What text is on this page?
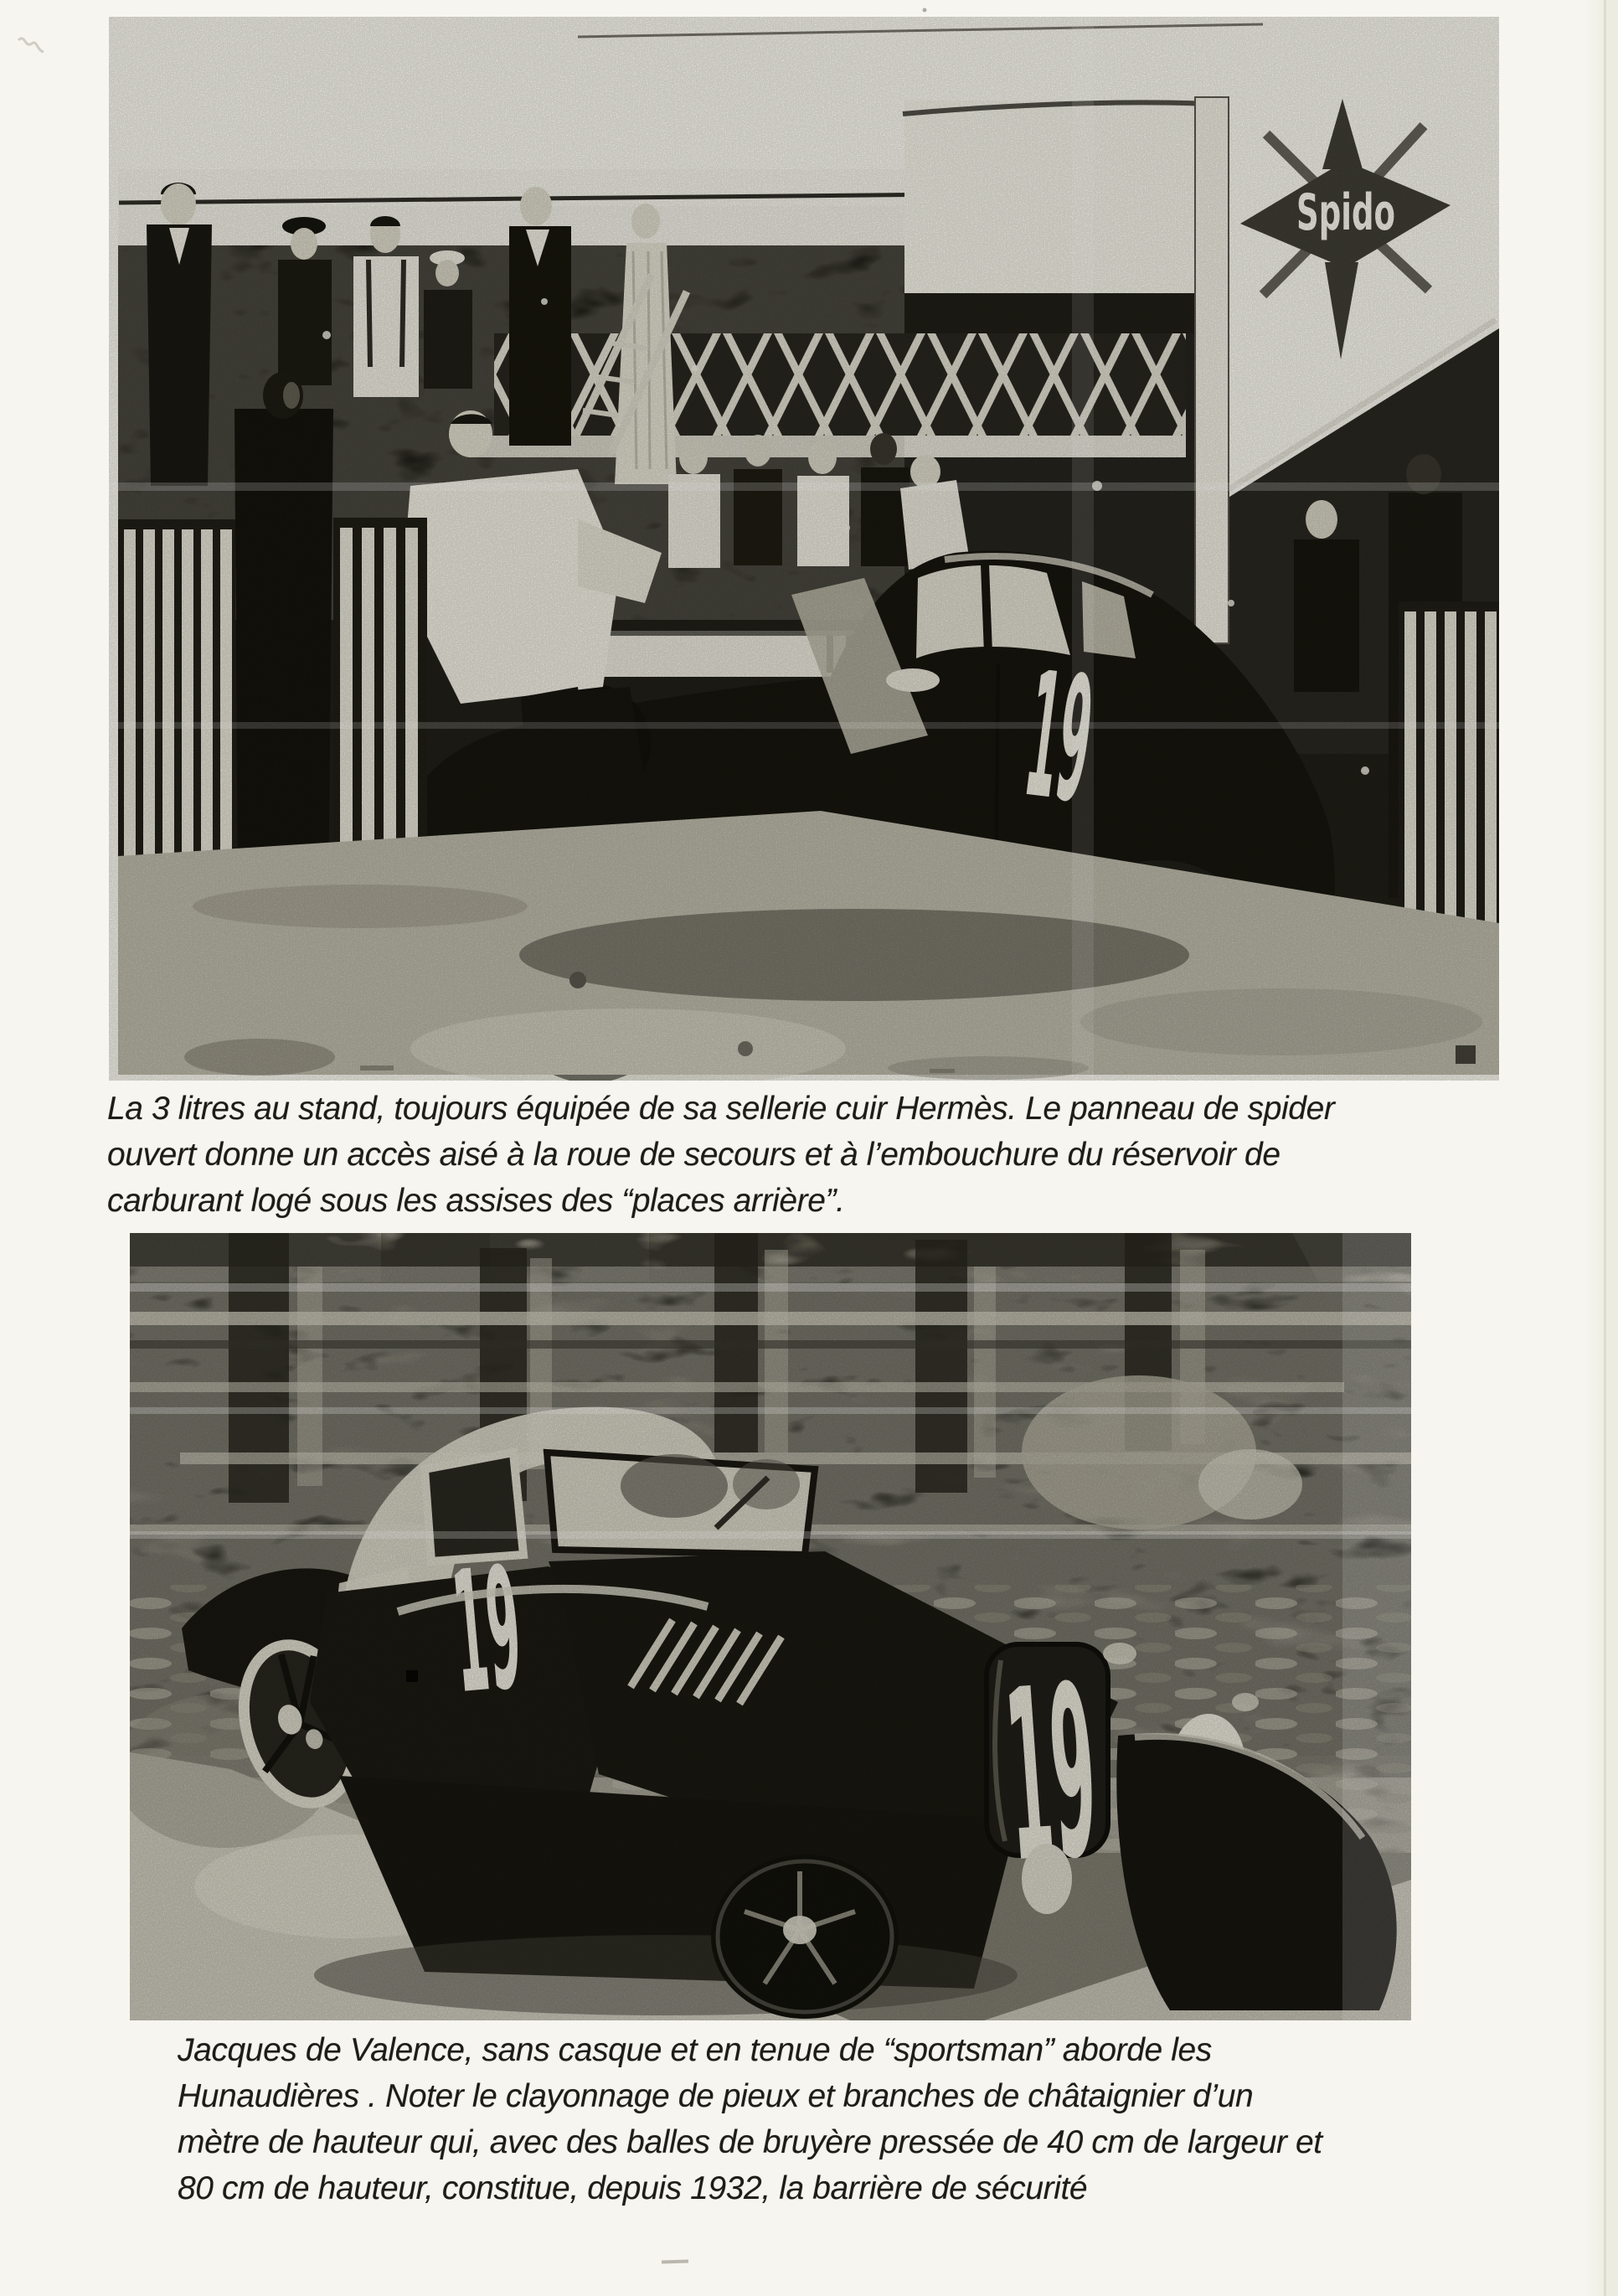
Spido
La 3 litres au stand, toujours équipée de sa sellerie cuir Hermès. Le panneau de spider
ouvert donne un accès aisé à la roue de secours et à l’embouchure du réservoir de
carburant logé sous les assises des “places arrière”.
Jacques de Valence, sans casque et en tenue de “sportsman” aborde les
Hunaudières . Noter le clayonnage de pieux et branches de châtaignier d’un
mètre de hauteur qui, avec des balles de bruyère pressée de 40 cm de largeur et
80 cm de hauteur, constitue, depuis 1932, la barrière de sécurité
